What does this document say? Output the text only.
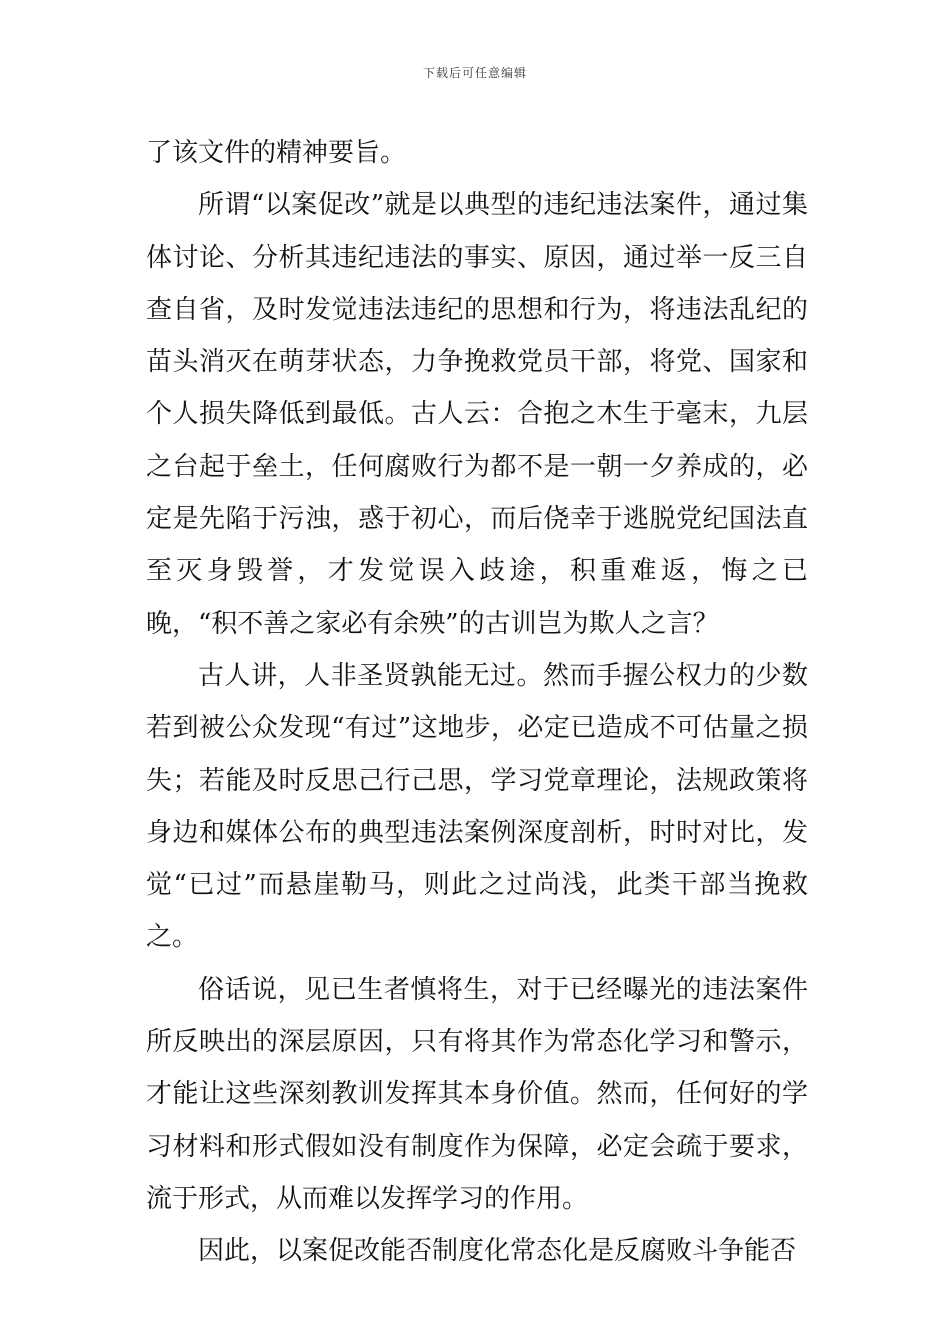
下载后可任意编辑

了该文件的精神要旨。

所谓“以案促改”就是以典型的违纪违法案件，通过集体讨论、分析其违纪违法的事实、原因，通过举一反三自查自省，及时发觉违法违纪的思想和行为，将违法乱纪的苗头消灭在萌芽状态，力争挽救党员干部，将党、国家和个人损失降低到最低。古人云：合抱之木生于毫末，九层之台起于垒土，任何腐败行为都不是一朝一夕养成的，必定是先陷于污浊，惑于初心，而后侥幸于逃脱党纪国法直至灭身毁誉，才发觉误入歧途，积重难返，悔之已晚，“积不善之家必有余殃”的古训岂为欺人之言？

古人讲，人非圣贤孰能无过。然而手握公权力的少数若到被公众发现“有过”这地步，必定已造成不可估量之损失；若能及时反思己行己思，学习党章理论，法规政策将身边和媒体公布的典型违法案例深度剖析，时时对比，发觉“已过”而悬崖勒马，则此之过尚浅，此类干部当挽救之。

俗话说，见已生者慎将生，对于已经曝光的违法案件所反映出的深层原因，只有将其作为常态化学习和警示，才能让这些深刻教训发挥其本身价值。然而，任何好的学习材料和形式假如没有制度作为保障，必定会疏于要求，流于形式，从而难以发挥学习的作用。

因此，以案促改能否制度化常态化是反腐败斗争能否
